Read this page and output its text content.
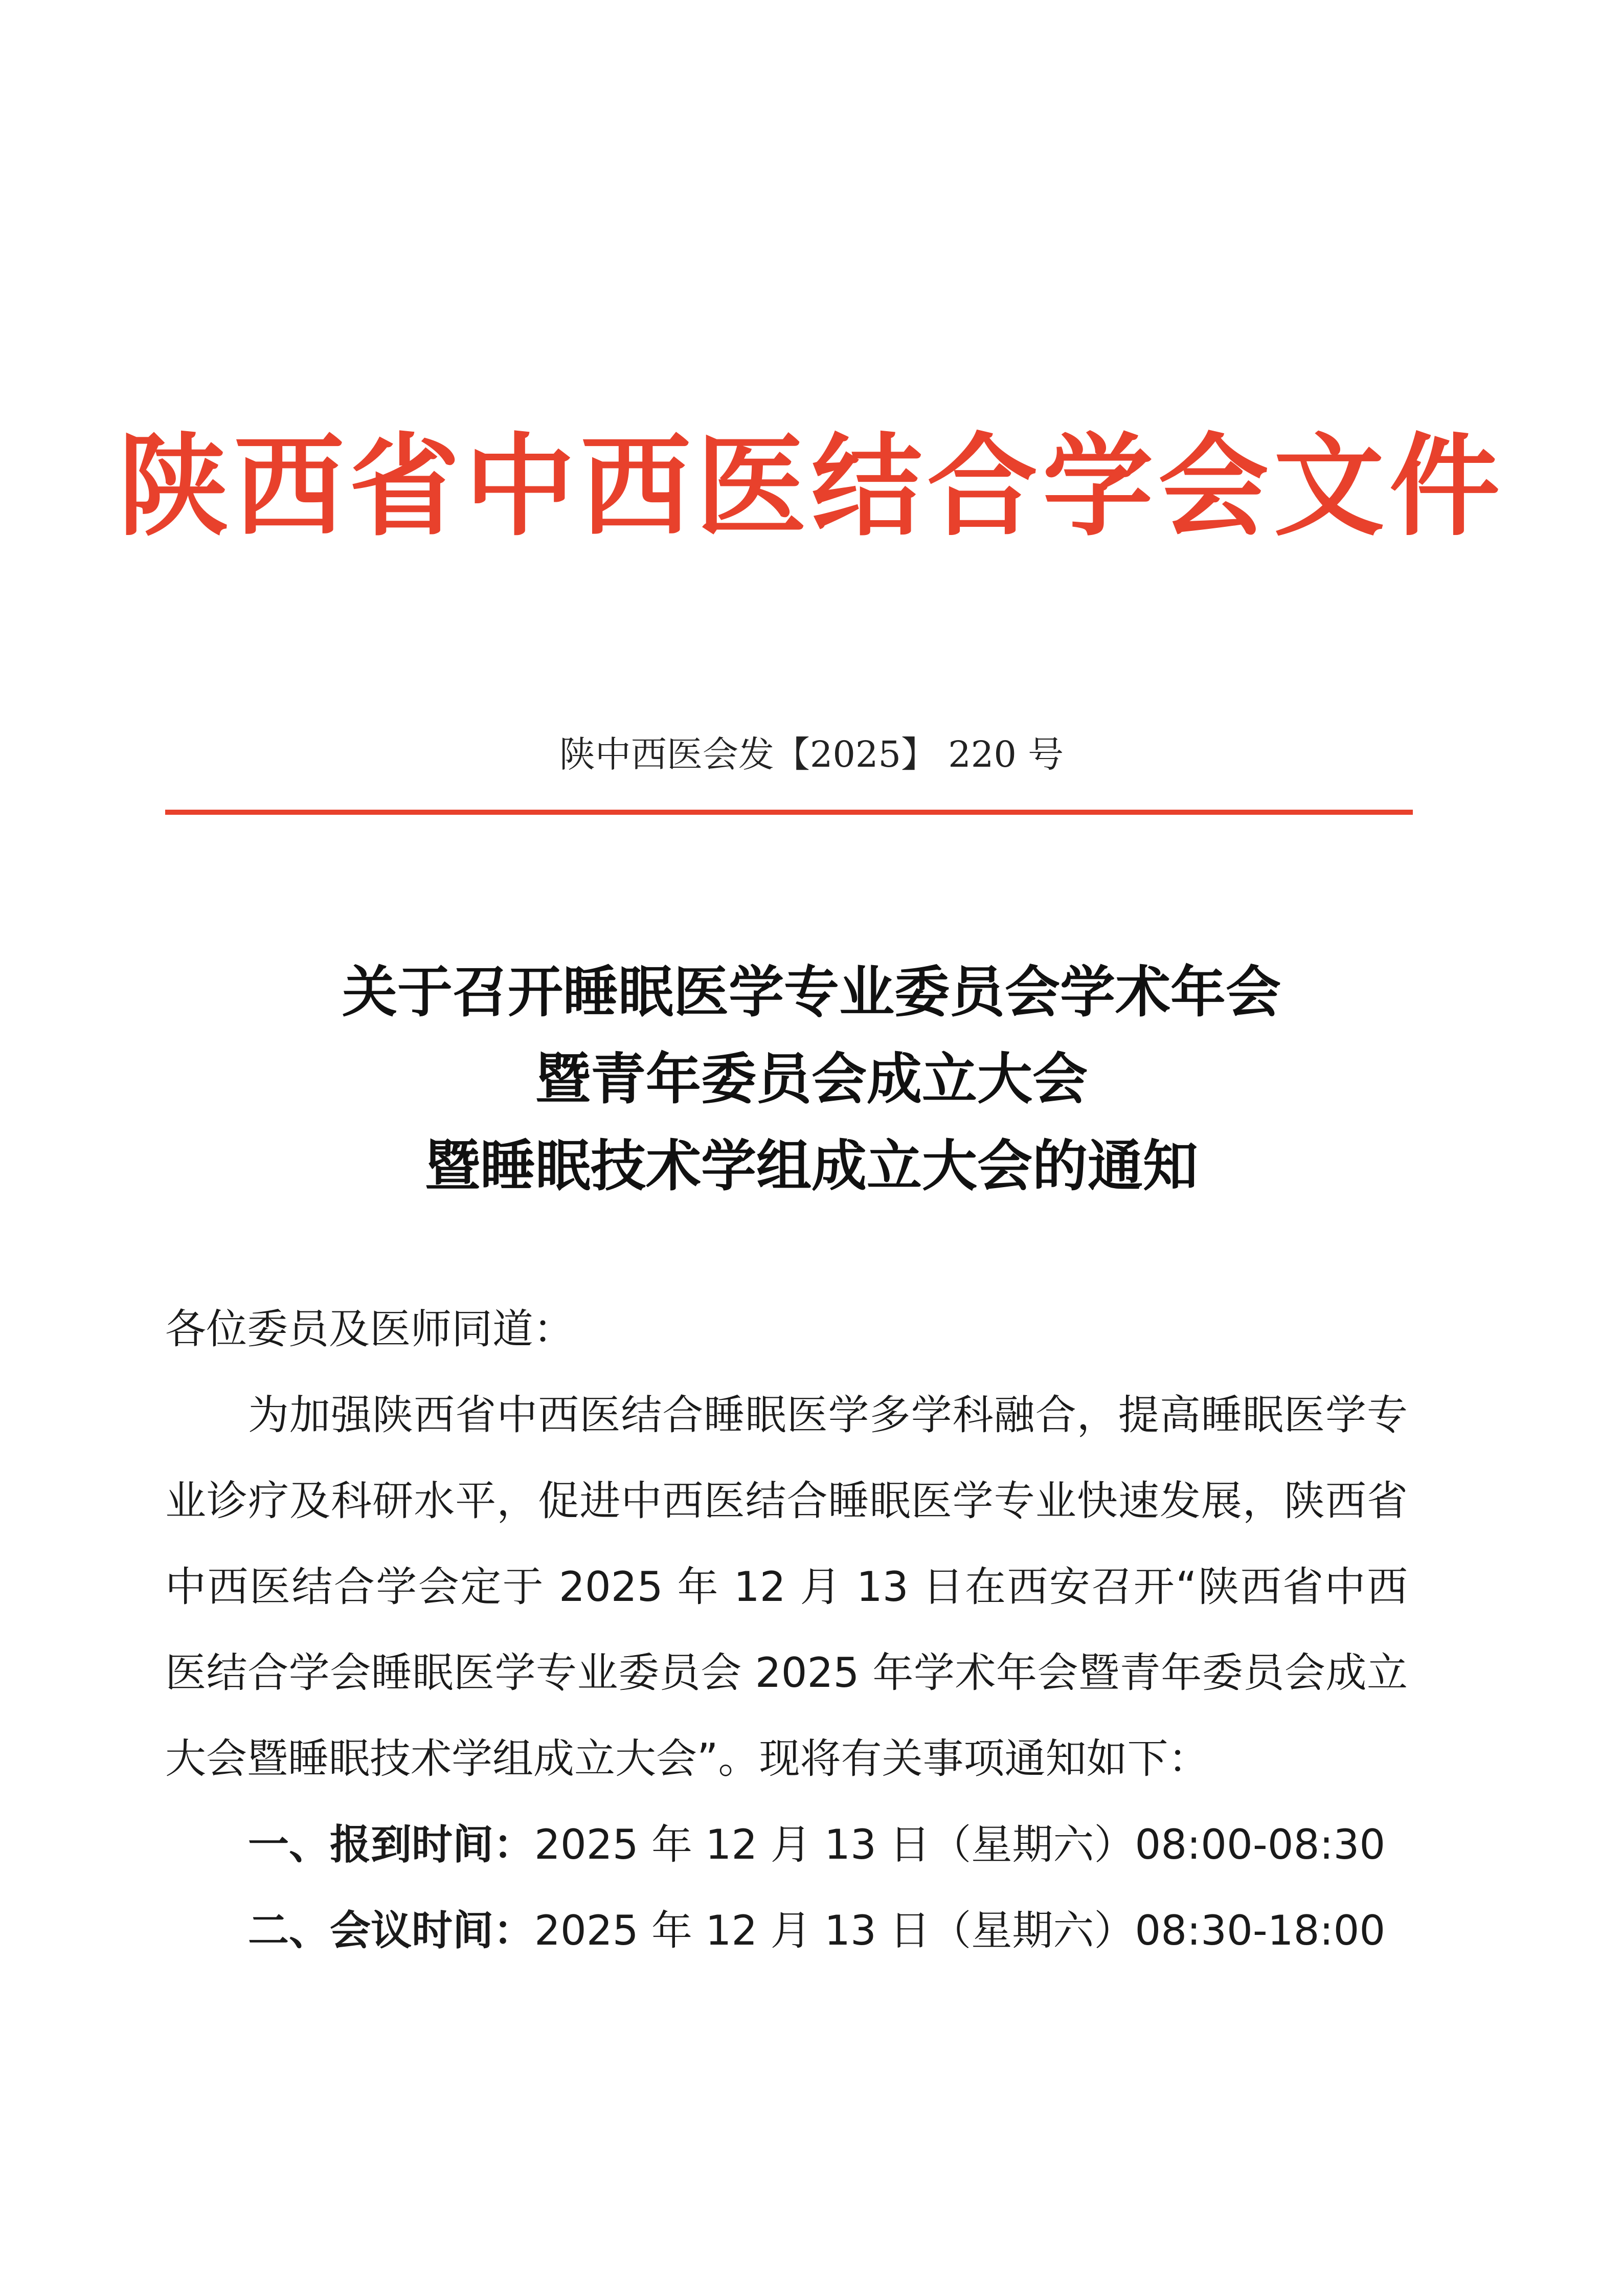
陕西省中西医结合学会文件
陕中西医会发【2025】 220 号
关于召开睡眠医学专业委员会学术年会
暨青年委员会成立大会
暨睡眠技术学组成立大会的通知

各位委员及医师同道：

为加强陕西省中西医结合睡眠医学多学科融合，提高睡眠医学专业诊疗及科研水平，促进中西医结合睡眠医学专业快速发展，陕西省中西医结合学会定于 2025 年 12 月 13 日在西安召开“陕西省中西医结合学会睡眠医学专业委员会 2025 年学术年会暨青年委员会成立大会暨睡眠技术学组成立大会”。现将有关事项通知如下：

一、报到时间：2025 年 12 月 13 日（星期六）08:00-08:30

二、会议时间：2025 年 12 月 13 日（星期六）08:30-18:00
